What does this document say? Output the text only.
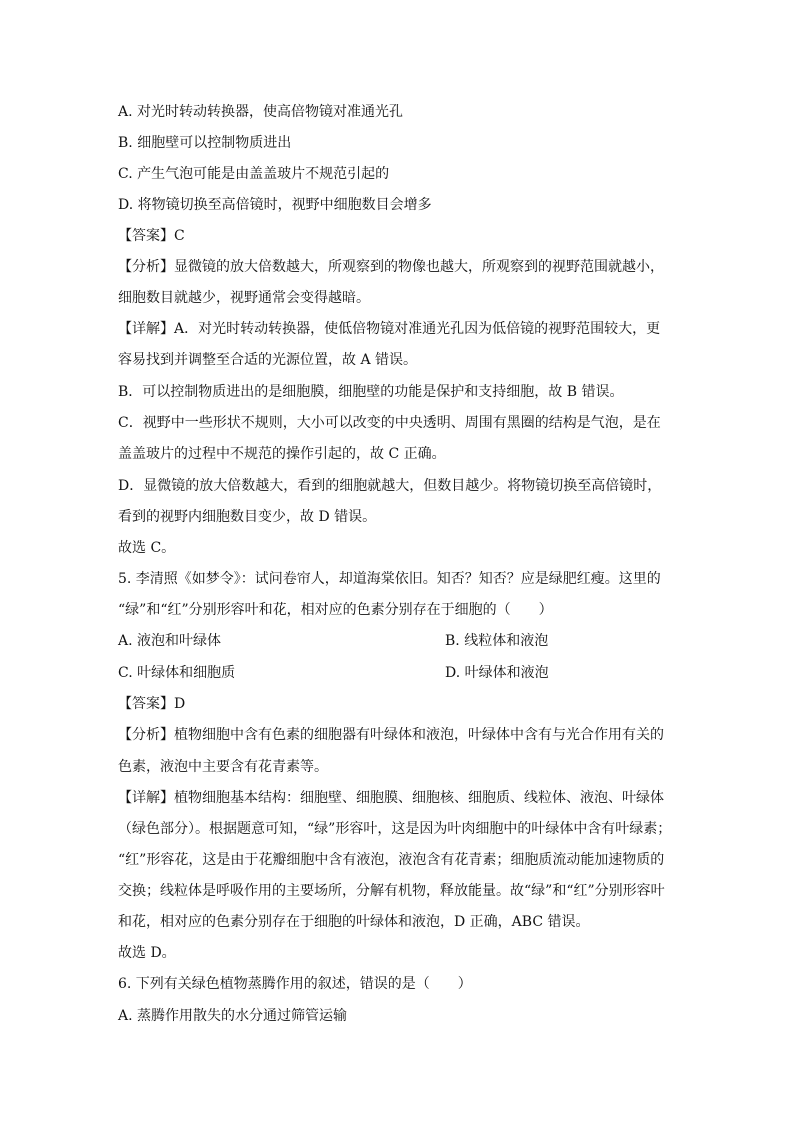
A. 对光时转动转换器，使高倍物镜对准通光孔
B. 细胞壁可以控制物质进出
C. 产生气泡可能是由盖盖玻片不规范引起的
D. 将物镜切换至高倍镜时，视野中细胞数目会增多
【答案】C
【分析】显微镜的放大倍数越大，所观察到的物像也越大，所观察到的视野范围就越小，
细胞数目就越少，视野通常会变得越暗。
【详解】A．对光时转动转换器，使低倍物镜对准通光孔因为低倍镜的视野范围较大，更
容易找到并调整至合适的光源位置，故 A 错误。
B．可以控制物质进出的是细胞膜，细胞壁的功能是保护和支持细胞，故 B 错误。
C．视野中一些形状不规则，大小可以改变的中央透明、周围有黑圈的结构是气泡，是在
盖盖玻片的过程中不规范的操作引起的，故 C 正确。
D．显微镜的放大倍数越大，看到的细胞就越大，但数目越少。将物镜切换至高倍镜时，
看到的视野内细胞数目变少，故 D 错误。
故选 C。
5. 李清照《如梦令》：试问卷帘人，却道海棠依旧。知否？知否？应是绿肥红瘦。这里的
“绿”和“红”分别形容叶和花，相对应的色素分别存在于细胞的（　　）
A. 液泡和叶绿体	B. 线粒体和液泡
C. 叶绿体和细胞质	D. 叶绿体和液泡
【答案】D
【分析】植物细胞中含有色素的细胞器有叶绿体和液泡，叶绿体中含有与光合作用有关的
色素，液泡中主要含有花青素等。
【详解】植物细胞基本结构：细胞壁、细胞膜、细胞核、细胞质、线粒体、液泡、叶绿体
（绿色部分）。根据题意可知，“绿”形容叶，这是因为叶肉细胞中的叶绿体中含有叶绿素；
“红”形容花，这是由于花瓣细胞中含有液泡，液泡含有花青素；细胞质流动能加速物质的
交换；线粒体是呼吸作用的主要场所，分解有机物，释放能量。故“绿”和“红”分别形容叶
和花，相对应的色素分别存在于细胞的叶绿体和液泡，D 正确，ABC 错误。
故选 D。
6. 下列有关绿色植物蒸腾作用的叙述，错误的是（　　）
A. 蒸腾作用散失的水分通过筛管运输
